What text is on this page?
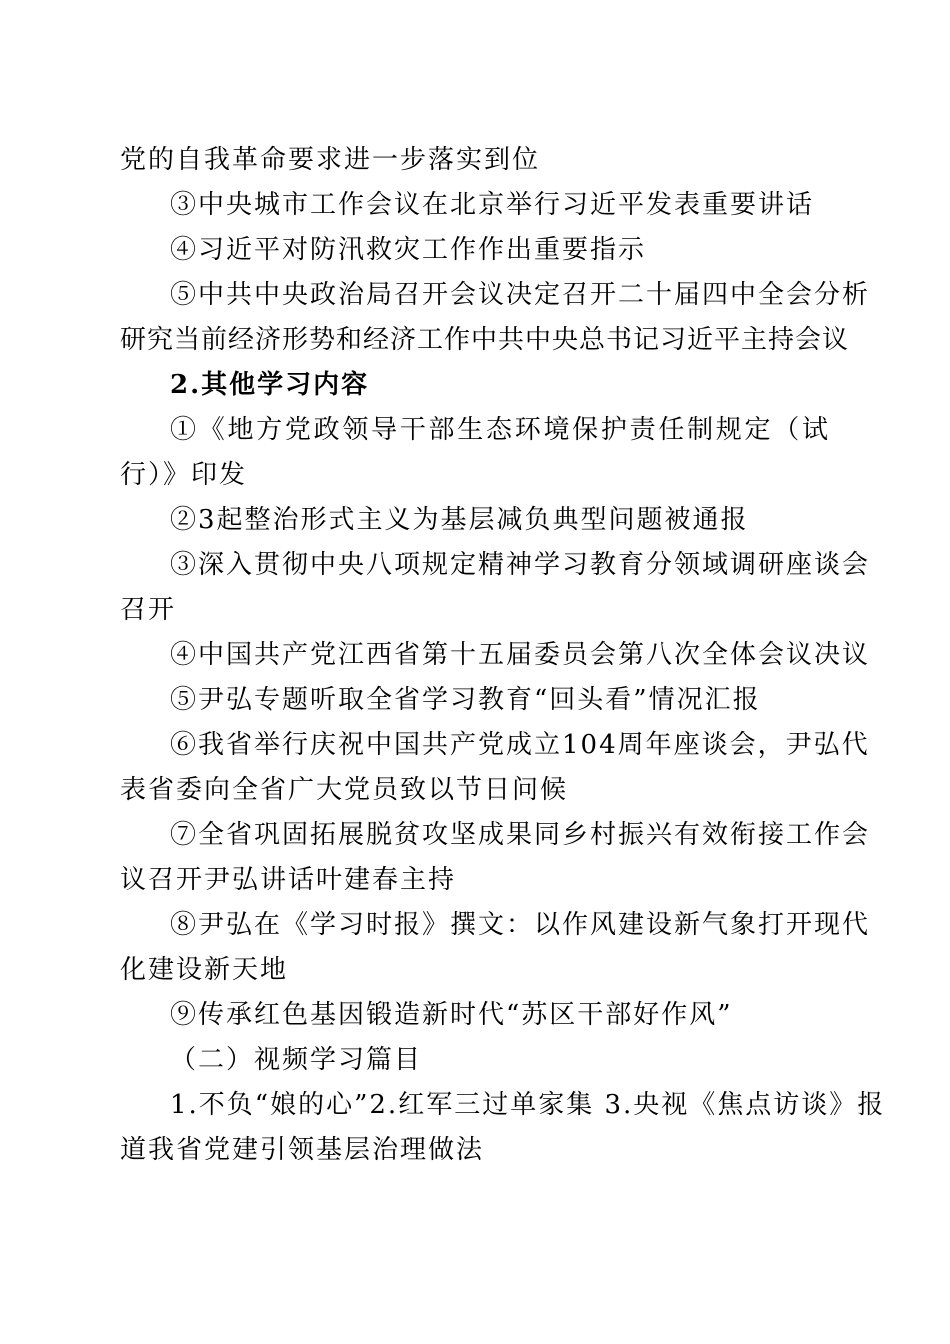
党的自我革命要求进一步落实到位
③中央城市工作会议在北京举行习近平发表重要讲话
④习近平对防汛救灾工作作出重要指示
⑤中共中央政治局召开会议决定召开二十届四中全会分析
研究当前经济形势和经济工作中共中央总书记习近平主持会议
2.其他学习内容
①《地方党政领导干部生态环境保护责任制规定（试
行）》印发
②3起整治形式主义为基层减负典型问题被通报
③深入贯彻中央八项规定精神学习教育分领域调研座谈会
召开
④中国共产党江西省第十五届委员会第八次全体会议决议
⑤尹弘专题听取全省学习教育“回头看”情况汇报
⑥我省举行庆祝中国共产党成立104周年座谈会，尹弘代
表省委向全省广大党员致以节日问候
⑦全省巩固拓展脱贫攻坚成果同乡村振兴有效衔接工作会
议召开尹弘讲话叶建春主持
⑧尹弘在《学习时报》撰文：以作风建设新气象打开现代
化建设新天地
⑨传承红色基因锻造新时代“苏区干部好作风”
（二）视频学习篇目
1.不负“娘的心”2.红军三过单家集 3.央视《焦点访谈》报
道我省党建引领基层治理做法
